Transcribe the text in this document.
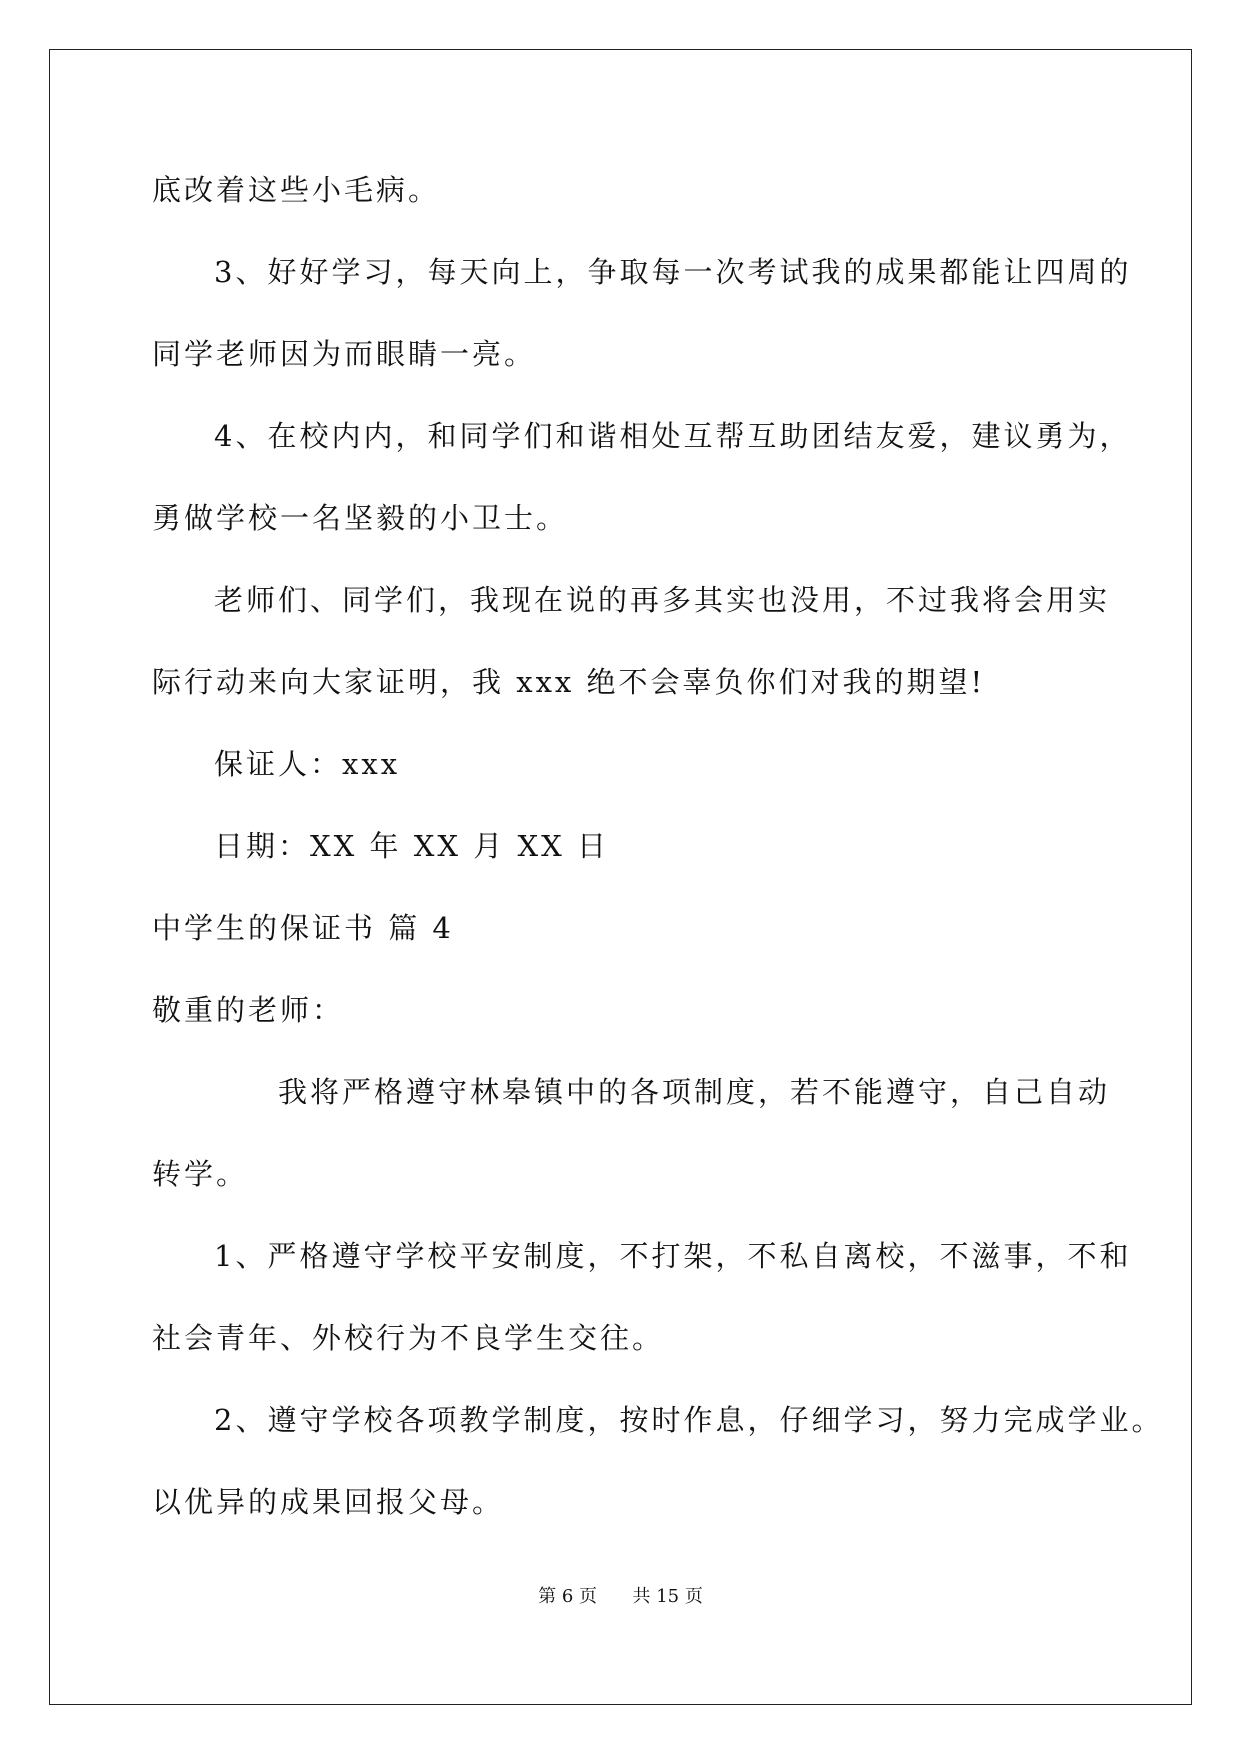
底改着这些小毛病。
3、好好学习，每天向上，争取每一次考试我的成果都能让四周的
同学老师因为而眼睛一亮。
4、在校内内，和同学们和谐相处互帮互助团结友爱，建议勇为，
勇做学校一名坚毅的小卫士。
老师们、同学们，我现在说的再多其实也没用，不过我将会用实
际行动来向大家证明，我 xxx 绝不会辜负你们对我的期望!
保证人：xxx
日期：XX 年 XX 月 XX 日
中学生的保证书 篇 4
敬重的老师：
我将严格遵守林皋镇中的各项制度，若不能遵守，自己自动
转学。
1、严格遵守学校平安制度，不打架，不私自离校，不滋事，不和
社会青年、外校行为不良学生交往。
2、遵守学校各项教学制度，按时作息，仔细学习，努力完成学业。
以优异的成果回报父母。
第 6 页 共 15 页
